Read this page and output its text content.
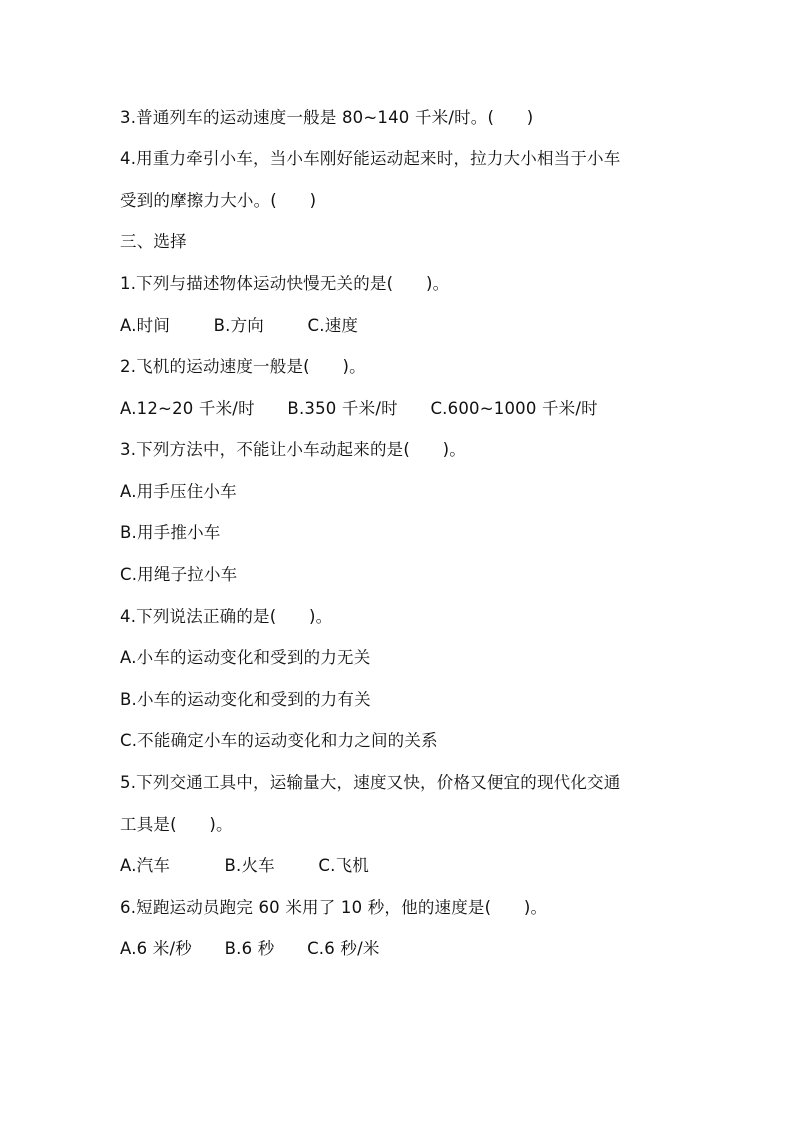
3.普通列车的运动速度一般是 80~140 千米/时。(      )
4.用重力牵引小车，当小车刚好能运动起来时，拉力大小相当于小车
受到的摩擦力大小。(      )
三、选择
1.下列与描述物体运动快慢无关的是(      )。
A.时间        B.方向        C.速度
2.飞机的运动速度一般是(      )。
A.12~20 千米/时      B.350 千米/时      C.600~1000 千米/时
3.下列方法中，不能让小车动起来的是(      )。
A.用手压住小车
B.用手推小车
C.用绳子拉小车
4.下列说法正确的是(      )。
A.小车的运动变化和受到的力无关
B.小车的运动变化和受到的力有关
C.不能确定小车的运动变化和力之间的关系
5.下列交通工具中，运输量大，速度又快，价格又便宜的现代化交通
工具是(      )。
A.汽车          B.火车        C.飞机
6.短跑运动员跑完 60 米用了 10 秒，他的速度是(      )。
A.6 米/秒      B.6 秒      C.6 秒/米
